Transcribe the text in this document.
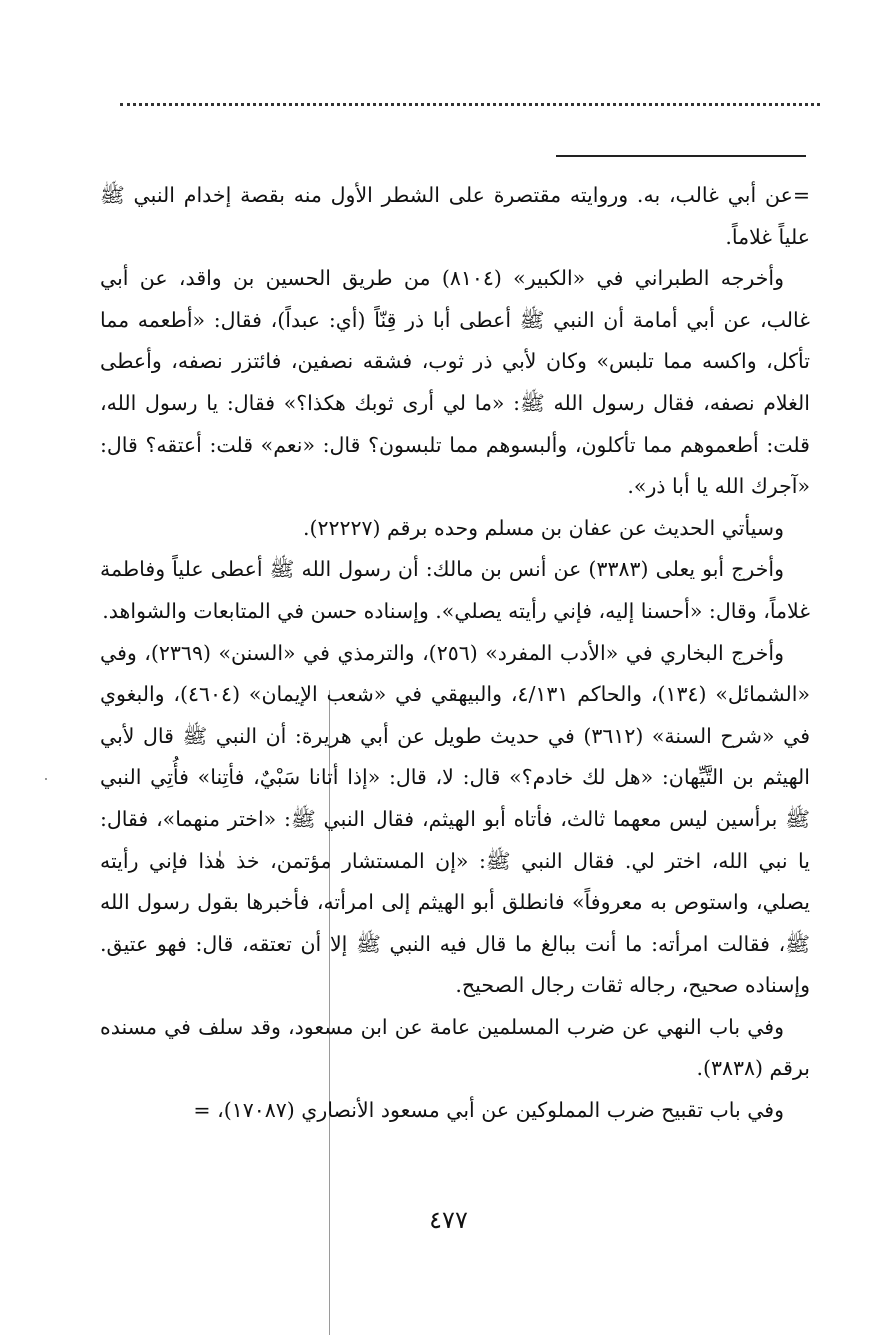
=عن أبي غالب، به. وروايته مقتصرة على الشطر الأول منه بقصة إخدام النبي ﷺ علياً غلاماً.

وأخرجه الطبراني في «الكبير» (٨١٠٤) من طريق الحسين بن واقد، عن أبي غالب، عن أبي أمامة أن النبي ﷺ أعطى أبا ذر قِنّاً (أي: عبداً)، فقال: «أطعمه مما تأكل، واكسه مما تلبس» وكان لأبي ذر ثوب، فشقه نصفين، فائتزر نصفه، وأعطى الغلام نصفه، فقال رسول الله ﷺ: «ما لي أرى ثوبك هكذا؟» فقال: يا رسول الله، قلت: أطعموهم مما تأكلون، وألبسوهم مما تلبسون؟ قال: «نعم» قلت: أعتقه؟ قال: «آجرك الله يا أبا ذر».

وسيأتي الحديث عن عفان بن مسلم وحده برقم (٢٢٢٢٧).

وأخرج أبو يعلى (٣٣٨٣) عن أنس بن مالك: أن رسول الله ﷺ أعطى علياً وفاطمة غلاماً، وقال: «أحسنا إليه، فإني رأيته يصلي». وإسناده حسن في المتابعات والشواهد.

وأخرج البخاري في «الأدب المفرد» (٢٥٦)، والترمذي في «السنن» (٢٣٦٩)، وفي «الشمائل» (١٣٤)، والحاكم ٤/١٣١، والبيهقي في «شعب الإيمان» (٤٦٠٤)، والبغوي في «شرح السنة» (٣٦١٢) في حديث طويل عن أبي هريرة: أن النبي ﷺ قال لأبي الهيثم بن التَّيِّهان: «هل لك خادم؟» قال: لا، قال: «إذا أتانا سَبْيٌ، فأتِنا» فأُتِي النبي ﷺ برأسين ليس معهما ثالث، فأتاه أبو الهيثم، فقال النبي ﷺ: «اختر منهما»، فقال: يا نبي الله، اختر لي. فقال النبي ﷺ: «إن المستشار مؤتمن، خذ هٰذا فإني رأيته يصلي، واستوص به معروفاً» فانطلق أبو الهيثم إلى امرأته، فأخبرها بقول رسول الله ﷺ، فقالت امرأته: ما أنت ببالغ ما قال فيه النبي ﷺ إلا أن تعتقه، قال: فهو عتيق. وإسناده صحيح، رجاله ثقات رجال الصحيح.

وفي باب النهي عن ضرب المسلمين عامة عن ابن مسعود، وقد سلف في مسنده برقم (٣٨٣٨).

وفي باب تقبيح ضرب المملوكين عن أبي مسعود الأنصاري (١٧٠٨٧)، =

٤٧٧
